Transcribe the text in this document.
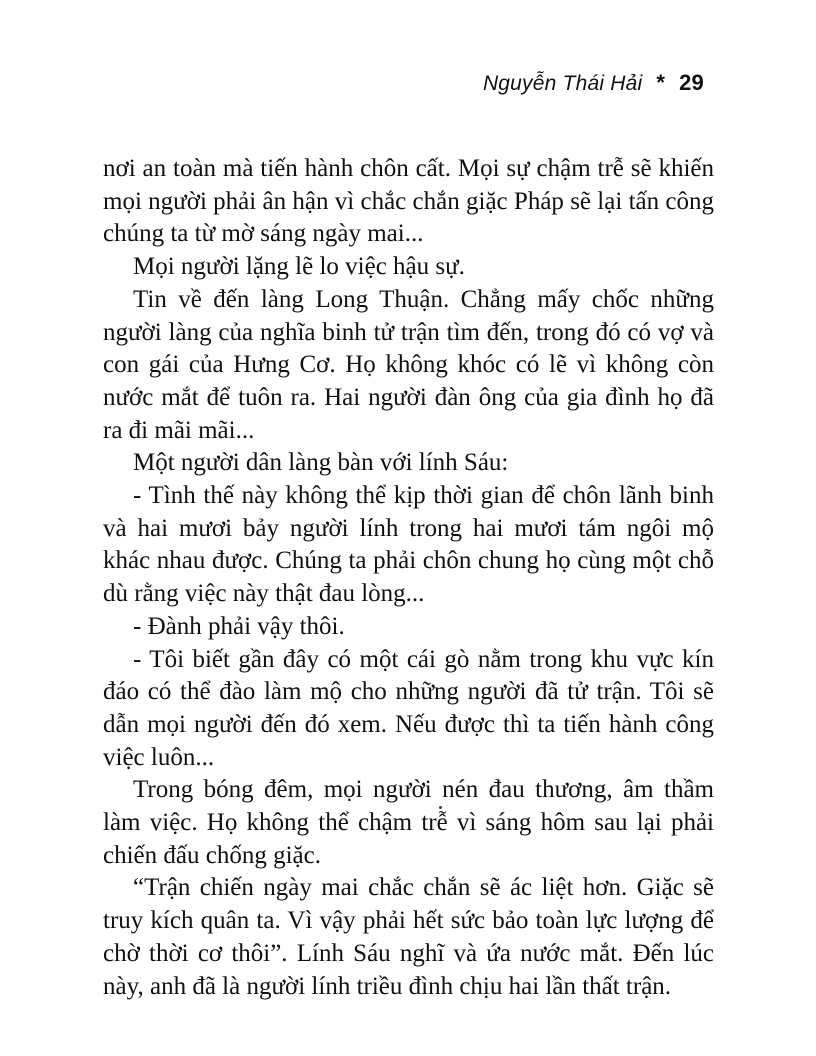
Nguyễn Thái Hải * 29

nơi an toàn mà tiến hành chôn cất. Mọi sự chậm trễ sẽ khiến mọi người phải ân hận vì chắc chắn giặc Pháp sẽ lại tấn công chúng ta từ mờ sáng ngày mai...

Mọi người lặng lẽ lo việc hậu sự.

Tin về đến làng Long Thuận. Chẳng mấy chốc những người làng của nghĩa binh tử trận tìm đến, trong đó có vợ và con gái của Hưng Cơ. Họ không khóc có lẽ vì không còn nước mắt để tuôn ra. Hai người đàn ông của gia đình họ đã ra đi mãi mãi...

Một người dân làng bàn với lính Sáu:

- Tình thế này không thể kịp thời gian để chôn lãnh binh và hai mươi bảy người lính trong hai mươi tám ngôi mộ khác nhau được. Chúng ta phải chôn chung họ cùng một chỗ dù rằng việc này thật đau lòng...

- Đành phải vậy thôi.

- Tôi biết gần đây có một cái gò nằm trong khu vực kín đáo có thể đào làm mộ cho những người đã tử trận. Tôi sẽ dẫn mọi người đến đó xem. Nếu được thì ta tiến hành công việc luôn...

Trong bóng đêm, mọi người nén đau thương, âm thầm làm việc. Họ không thể chậm trễ vì sáng hôm sau lại phải chiến đấu chống giặc.

“Trận chiến ngày mai chắc chắn sẽ ác liệt hơn. Giặc sẽ truy kích quân ta. Vì vậy phải hết sức bảo toàn lực lượng để chờ thời cơ thôi”. Lính Sáu nghĩ và ứa nước mắt. Đến lúc này, anh đã là người lính triều đình chịu hai lần thất trận.
